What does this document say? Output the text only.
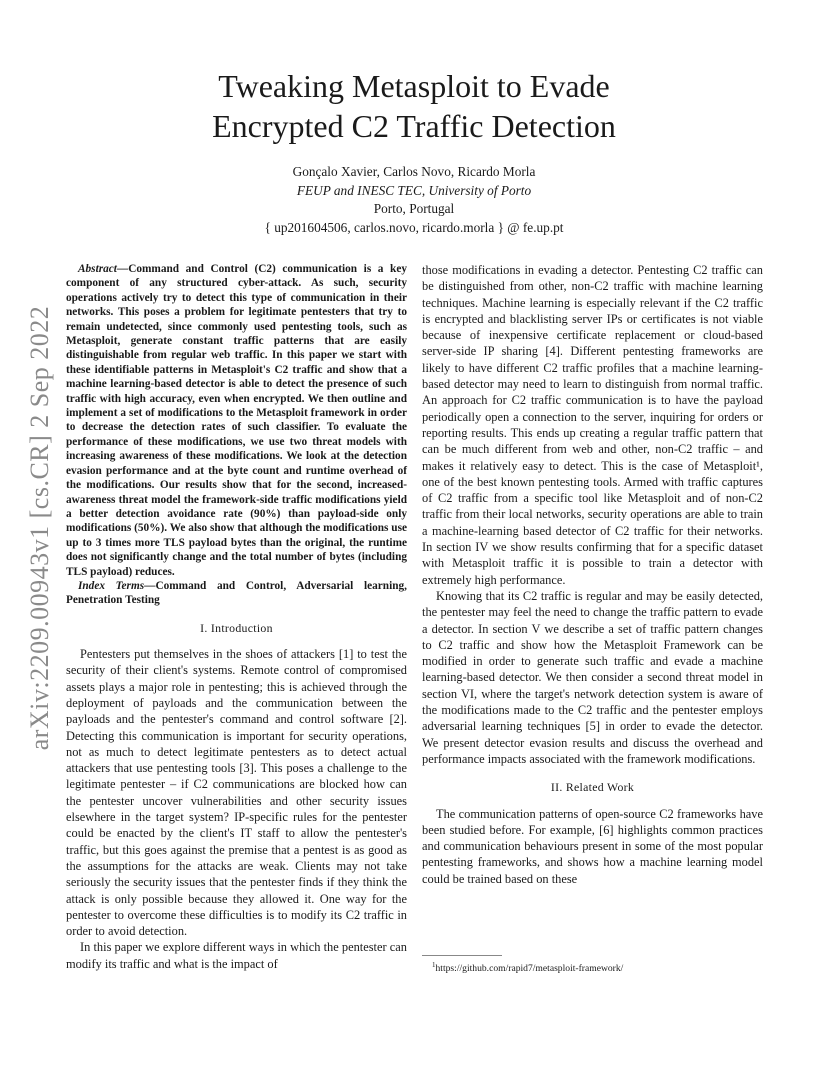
arXiv:2209.00943v1 [cs.CR] 2 Sep 2022
Tweaking Metasploit to Evade
Encrypted C2 Traffic Detection
Gonçalo Xavier, Carlos Novo, Ricardo Morla
FEUP and INESC TEC, University of Porto
Porto, Portugal
{ up201604506, carlos.novo, ricardo.morla } @ fe.up.pt

Abstract—Command and Control (C2) communication is a key component of any structured cyber-attack. As such, security operations actively try to detect this type of communication in their networks. This poses a problem for legitimate pentesters that try to remain undetected, since commonly used pentesting tools, such as Metasploit, generate constant traffic patterns that are easily distinguishable from regular web traffic. In this paper we start with these identifiable patterns in Metasploit's C2 traffic and show that a machine learning-based detector is able to detect the presence of such traffic with high accuracy, even when encrypted. We then outline and implement a set of modifications to the Metasploit framework in order to decrease the detection rates of such classifier. To evaluate the performance of these modifications, we use two threat models with increasing awareness of these modifications. We look at the detection evasion performance and at the byte count and runtime overhead of the modifications. Our results show that for the second, increased-awareness threat model the framework-side traffic modifications yield a better detection avoidance rate (90%) than payload-side only modifications (50%). We also show that although the modifications use up to 3 times more TLS payload bytes than the original, the runtime does not significantly change and the total number of bytes (including TLS payload) reduces.

Index Terms—Command and Control, Adversarial learning, Penetration Testing

I. Introduction

Pentesters put themselves in the shoes of attackers [1] to test the security of their client's systems. Remote control of compromised assets plays a major role in pentesting; this is achieved through the deployment of payloads and the communication between the payloads and the pentester's command and control software [2]. Detecting this communication is important for security operations, not as much to detect legitimate pentesters as to detect actual attackers that use pentesting tools [3]. This poses a challenge to the legitimate pentester – if C2 communications are blocked how can the pentester uncover vulnerabilities and other security issues elsewhere in the target system? IP-specific rules for the pentester could be enacted by the client's IT staff to allow the pentester's traffic, but this goes against the premise that a pentest is as good as the assumptions for the attacks are weak. Clients may not take seriously the security issues that the pentester finds if they think the attack is only possible because they allowed it. One way for the pentester to overcome these difficulties is to modify its C2 traffic in order to avoid detection.

In this paper we explore different ways in which the pentester can modify its traffic and what is the impact of

those modifications in evading a detector. Pentesting C2 traffic can be distinguished from other, non-C2 traffic with machine learning techniques. Machine learning is especially relevant if the C2 traffic is encrypted and blacklisting server IPs or certificates is not viable because of inexpensive certificate replacement or cloud-based server-side IP sharing [4]. Different pentesting frameworks are likely to have different C2 traffic profiles that a machine learning-based detector may need to learn to distinguish from normal traffic. An approach for C2 traffic communication is to have the payload periodically open a connection to the server, inquiring for orders or reporting results. This ends up creating a regular traffic pattern that can be much different from web and other, non-C2 traffic – and makes it relatively easy to detect. This is the case of Metasploit¹, one of the best known pentesting tools. Armed with traffic captures of C2 traffic from a specific tool like Metasploit and of non-C2 traffic from their local networks, security operations are able to train a machine-learning based detector of C2 traffic for their networks. In section IV we show results confirming that for a specific dataset with Metasploit traffic it is possible to train a detector with extremely high performance.

Knowing that its C2 traffic is regular and may be easily detected, the pentester may feel the need to change the traffic pattern to evade a detector. In section V we describe a set of traffic pattern changes to C2 traffic and show how the Metasploit Framework can be modified in order to generate such traffic and evade a machine learning-based detector. We then consider a second threat model in section VI, where the target's network detection system is aware of the modifications made to the C2 traffic and the pentester employs adversarial learning techniques [5] in order to evade the detector. We present detector evasion results and discuss the overhead and performance impacts associated with the framework modifications.

II. Related Work

The communication patterns of open-source C2 frameworks have been studied before. For example, [6] highlights common practices and communication behaviours present in some of the most popular pentesting frameworks, and shows how a machine learning model could be trained based on these

$^1$https://github.com/rapid7/metasploit-framework/
